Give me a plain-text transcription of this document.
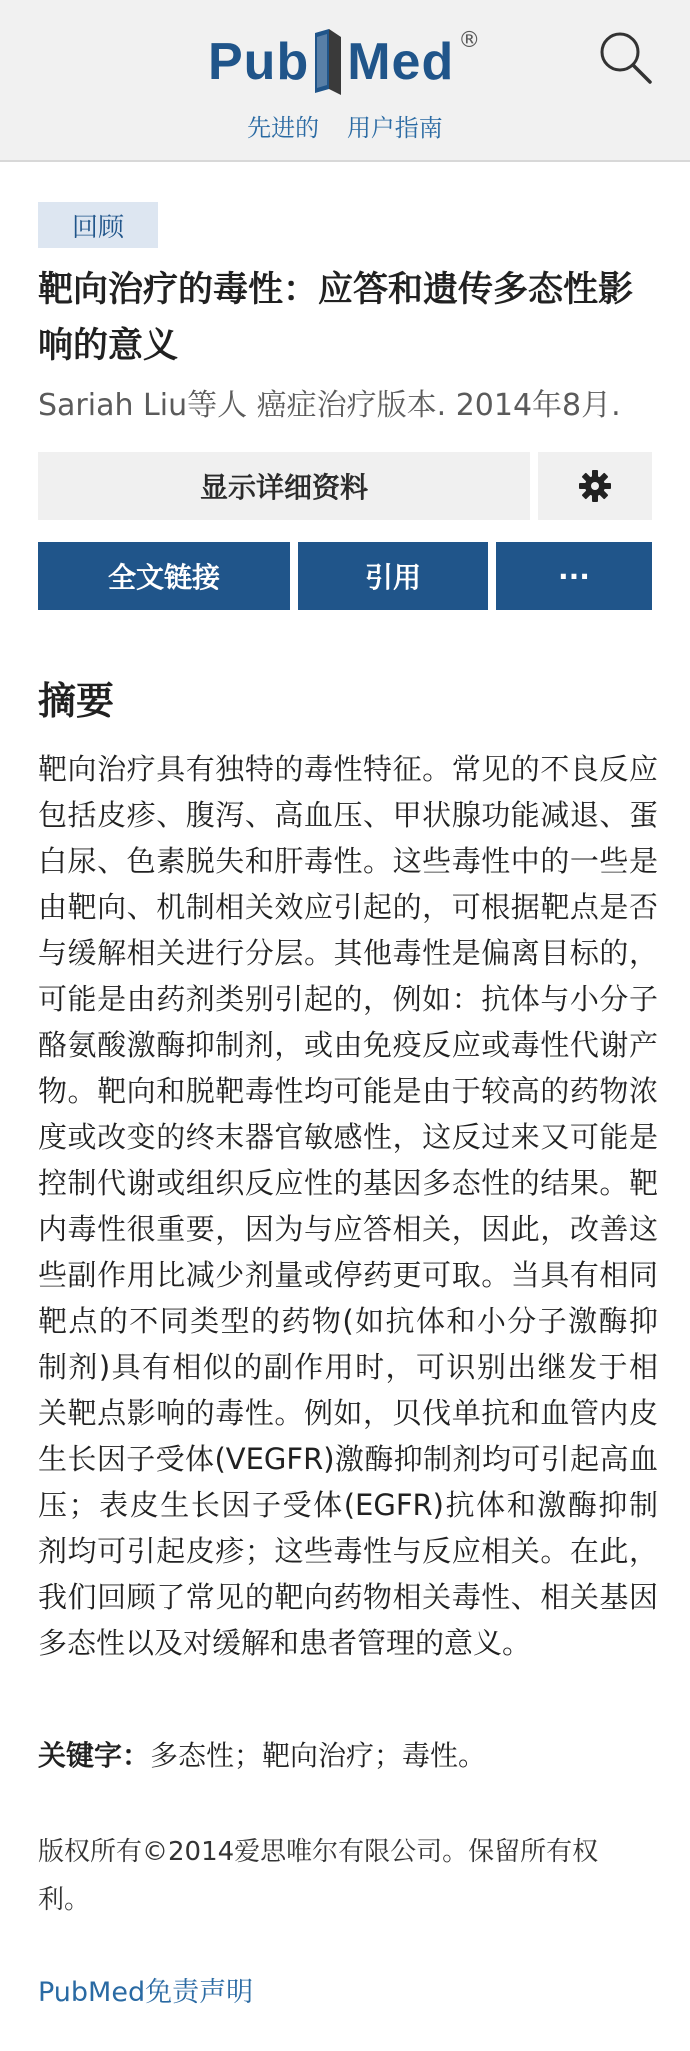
Pub Med ®
先进的 用户指南
回顾
靶向治疗的毒性：应答和遗传多态性影响的意义
Sariah Liu等人 癌症治疗版本. 2014年8月.
显示详细资料
全文链接	引用	···
摘要

靶向治疗具有独特的毒性特征。常见的不良反应包括皮疹、腹泻、高血压、甲状腺功能减退、蛋白尿、色素脱失和肝毒性。这些毒性中的一些是由靶向、机制相关效应引起的，可根据靶点是否与缓解相关进行分层。其他毒性是偏离目标的，可能是由药剂类别引起的，例如：抗体与小分子酪氨酸激酶抑制剂，或由免疫反应或毒性代谢产物。靶向和脱靶毒性均可能是由于较高的药物浓度或改变的终末器官敏感性，这反过来又可能是控制代谢或组织反应性的基因多态性的结果。靶内毒性很重要，因为与应答相关，因此，改善这些副作用比减少剂量或停药更可取。当具有相同靶点的不同类型的药物(如抗体和小分子激酶抑制剂)具有相似的副作用时，可识别出继发于相关靶点影响的毒性。例如，贝伐单抗和血管内皮生长因子受体(VEGFR)激酶抑制剂均可引起高血压；表皮生长因子受体(EGFR)抗体和激酶抑制剂均可引起皮疹；这些毒性与反应相关。在此，我们回顾了常见的靶向药物相关毒性、相关基因多态性以及对缓解和患者管理的意义。

关键字：多态性；靶向治疗；毒性。
版权所有©2014爱思唯尔有限公司。保留所有权利。
PubMed免责声明
